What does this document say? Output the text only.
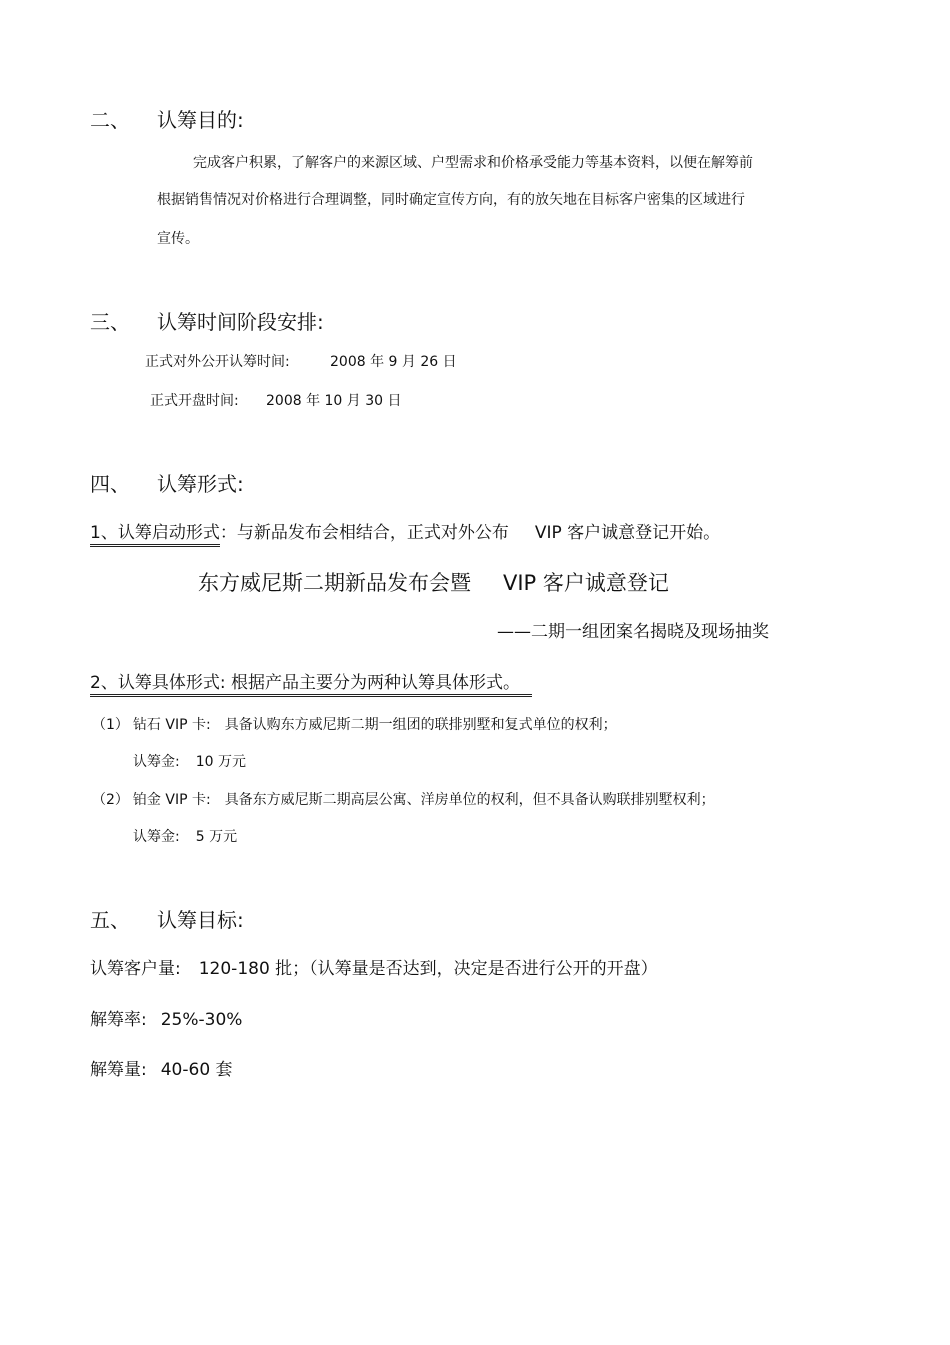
二、 认筹目的:
完成客户积累，了解客户的来源区域、户型需求和价格承受能力等基本资料，以便在解筹前
根据销售情况对价格进行合理调整，同时确定宣传方向，有的放矢地在目标客户密集的区域进行
宣传。
三、 认筹时间阶段安排:
正式对外公开认筹时间:	2008 年 9 月 26 日
正式开盘时间: 2008 年 10 月 30 日
四、 认筹形式:
1、认筹启动形式：与新品发布会相结合，正式对外公布 VIP 客户诚意登记开始。
东方威尼斯二期新品发布会暨 VIP 客户诚意登记
——二期一组团案名揭晓及现场抽奖
2、认筹具体形式: 根据产品主要分为两种认筹具体形式。
（1） 钻石 VIP 卡: 具备认购东方威尼斯二期一组团的联排别墅和复式单位的权利；
认筹金: 10 万元
（2） 铂金 VIP 卡: 具备东方威尼斯二期高层公寓、洋房单位的权利，但不具备认购联排别墅权利；
认筹金: 5 万元
五、 认筹目标:
认筹客户量: 120-180 批；（认筹量是否达到，决定是否进行公开的开盘）
解筹率: 25%-30%
解筹量: 40-60 套
